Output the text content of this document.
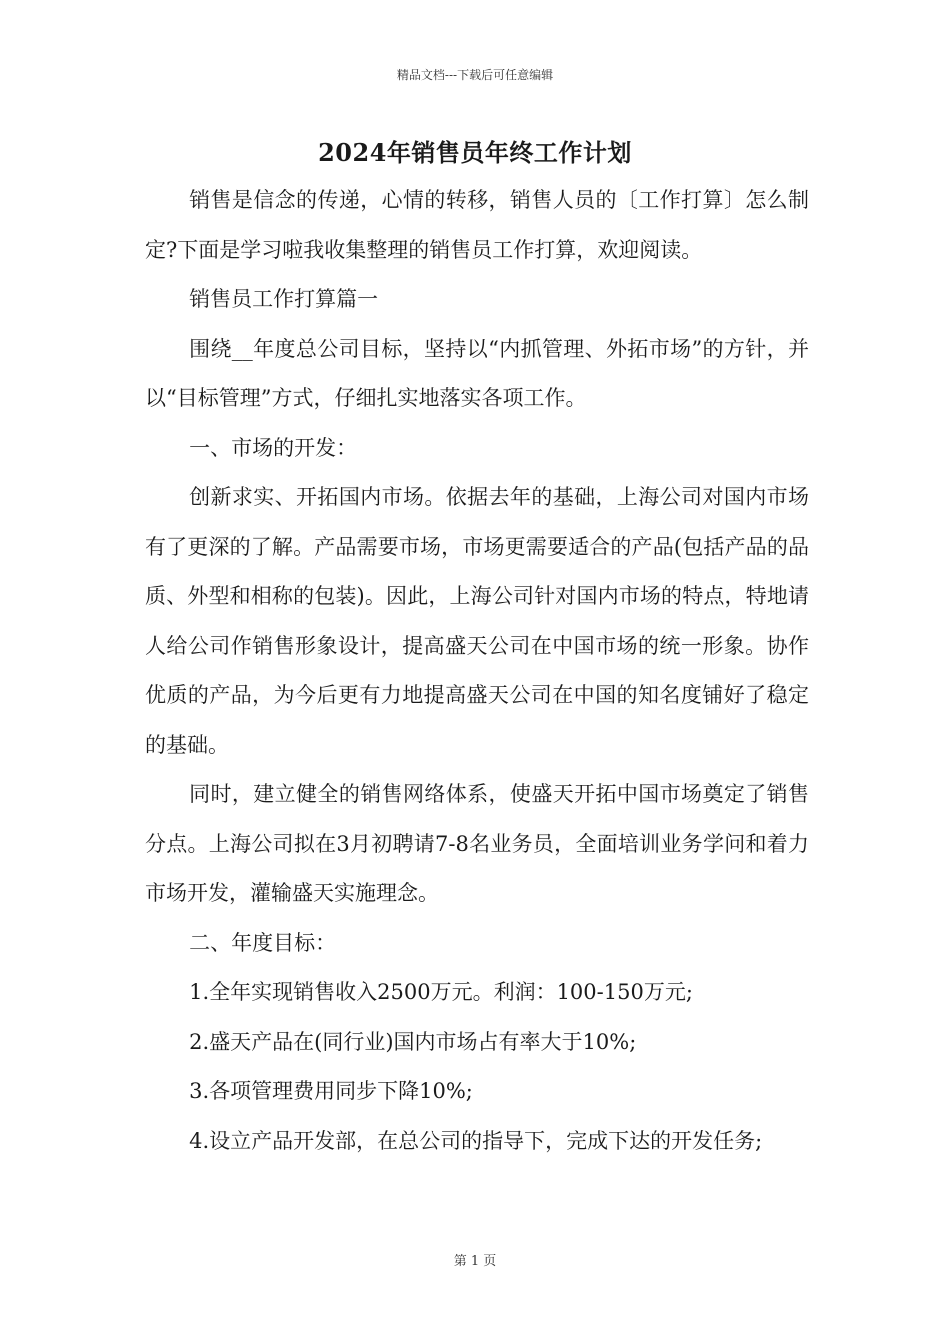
精品文档---下载后可任意编辑
2024年销售员年终工作计划

销售是信念的传递，心情的转移，销售人员的〔工作打算〕怎么制定?下面是学习啦我收集整理的销售员工作打算，欢迎阅读。

销售员工作打算篇一

围绕__年度总公司目标，坚持以“内抓管理、外拓市场”的方针，并以“目标管理”方式，仔细扎实地落实各项工作。

一、市场的开发：

创新求实、开拓国内市场。依据去年的基础，上海公司对国内市场有了更深的了解。产品需要市场，市场更需要适合的产品(包括产品的品质、外型和相称的包装)。因此，上海公司针对国内市场的特点，特地请人给公司作销售形象设计，提高盛天公司在中国市场的统一形象。协作优质的产品，为今后更有力地提高盛天公司在中国的知名度铺好了稳定的基础。

同时，建立健全的销售网络体系，使盛天开拓中国市场奠定了销售分点。上海公司拟在3月初聘请7-8名业务员，全面培训业务学问和着力市场开发，灌输盛天实施理念。

二、年度目标：

1.全年实现销售收入2500万元。利润：100-150万元;

2.盛天产品在(同行业)国内市场占有率大于10%;

3.各项管理费用同步下降10%;

4.设立产品开发部，在总公司的指导下，完成下达的开发任务;

第 1 页
